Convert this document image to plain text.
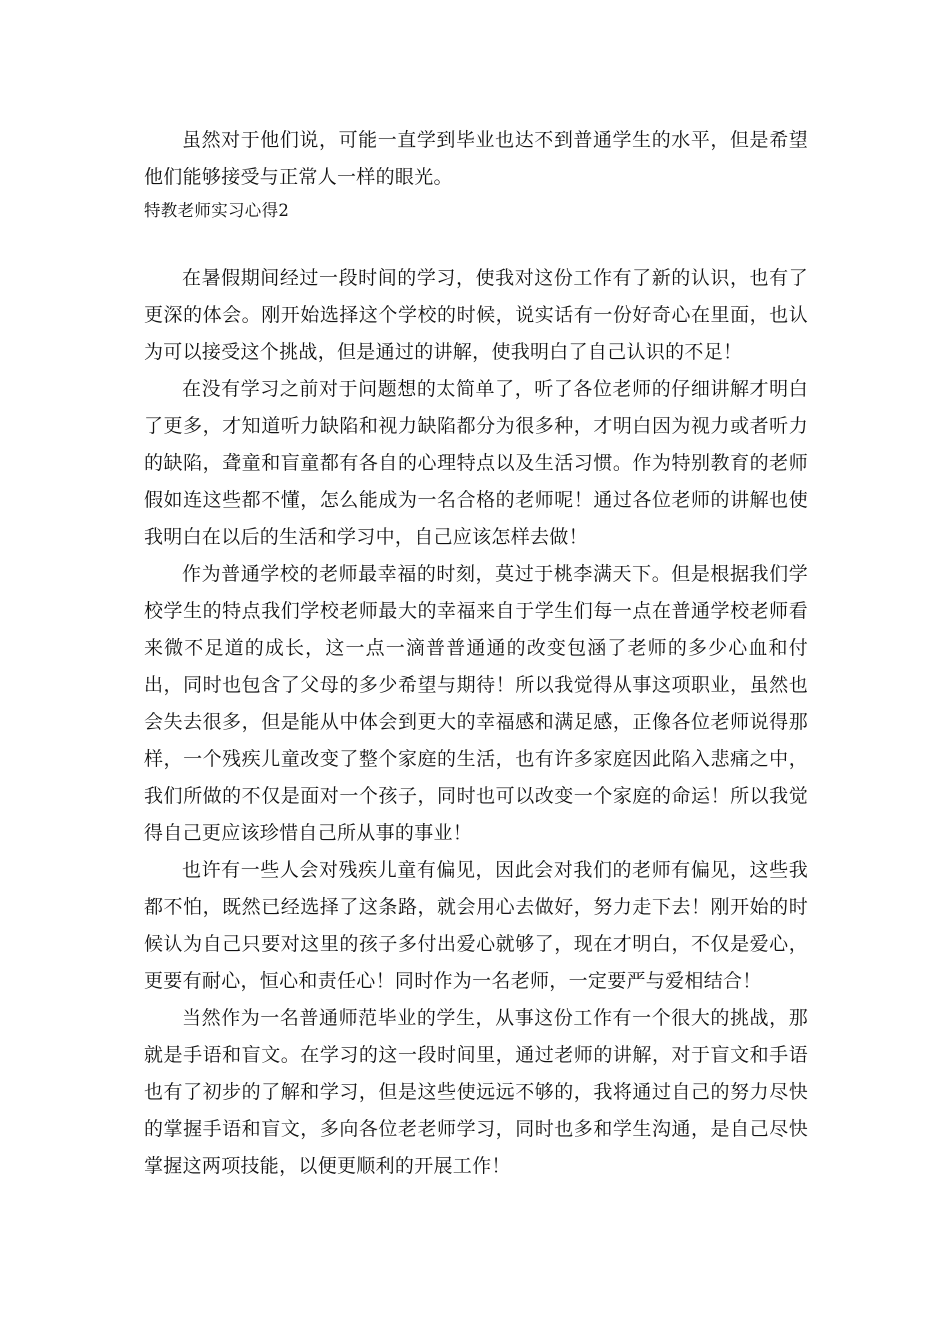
虽然对于他们说，可能一直学到毕业也达不到普通学生的水平，但是希望他们能够接受与正常人一样的眼光。

特教老师实习心得2

在暑假期间经过一段时间的学习，使我对这份工作有了新的认识，也有了更深的体会。刚开始选择这个学校的时候，说实话有一份好奇心在里面，也认为可以接受这个挑战，但是通过的讲解，使我明白了自己认识的不足！

在没有学习之前对于问题想的太简单了，听了各位老师的仔细讲解才明白了更多，才知道听力缺陷和视力缺陷都分为很多种，才明白因为视力或者听力的缺陷，聋童和盲童都有各自的心理特点以及生活习惯。作为特别教育的老师假如连这些都不懂，怎么能成为一名合格的老师呢！通过各位老师的讲解也使我明白在以后的生活和学习中，自己应该怎样去做！

作为普通学校的老师最幸福的时刻，莫过于桃李满天下。但是根据我们学校学生的特点我们学校老师最大的幸福来自于学生们每一点在普通学校老师看来微不足道的成长，这一点一滴普普通通的改变包涵了老师的多少心血和付出，同时也包含了父母的多少希望与期待！所以我觉得从事这项职业，虽然也会失去很多，但是能从中体会到更大的幸福感和满足感，正像各位老师说得那样，一个残疾儿童改变了整个家庭的生活，也有许多家庭因此陷入悲痛之中，我们所做的不仅是面对一个孩子，同时也可以改变一个家庭的命运！所以我觉得自己更应该珍惜自己所从事的事业！

也许有一些人会对残疾儿童有偏见，因此会对我们的老师有偏见，这些我都不怕，既然已经选择了这条路，就会用心去做好，努力走下去！刚开始的时候认为自己只要对这里的孩子多付出爱心就够了，现在才明白，不仅是爱心，更要有耐心，恒心和责任心！同时作为一名老师，一定要严与爱相结合！

当然作为一名普通师范毕业的学生，从事这份工作有一个很大的挑战，那就是手语和盲文。在学习的这一段时间里，通过老师的讲解，对于盲文和手语也有了初步的了解和学习，但是这些使远远不够的，我将通过自己的努力尽快的掌握手语和盲文，多向各位老老师学习，同时也多和学生沟通，是自己尽快掌握这两项技能，以便更顺利的开展工作！
